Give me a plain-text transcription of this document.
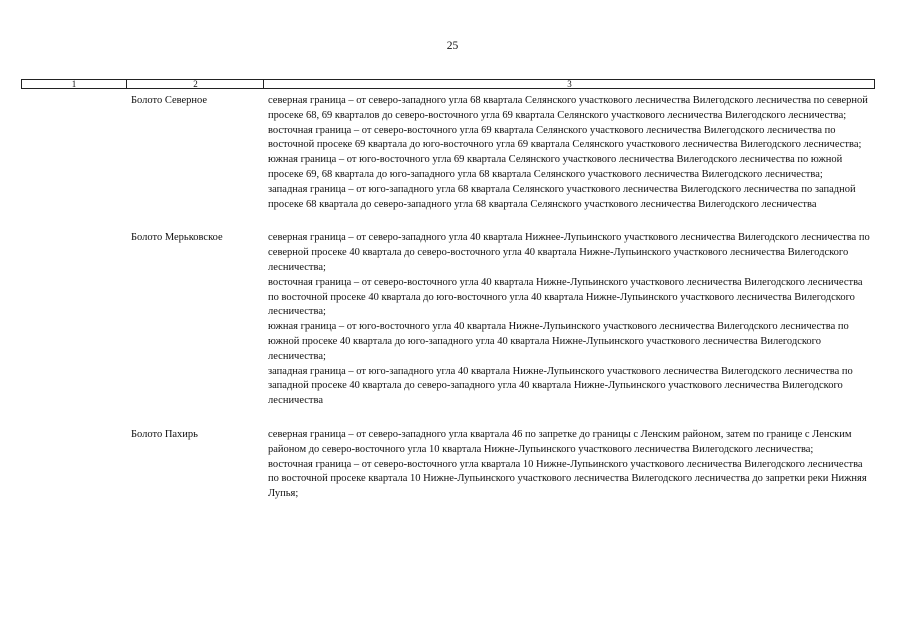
25
1	2	3
Болото Северное	северная граница – от северо-западного угла 68 квартала Селянского участкового лесничества Вилегодского лесничества по северной просеке 68, 69 кварталов до северо-восточного угла 69 квартала Селянского участкового лесничества Вилегодского лесничества;

восточная граница – от северо-восточного угла 69 квартала Селянского участкового лесничества Вилегодского лесничества по восточной просеке 69 квартала до юго-восточного угла 69 квартала Селянского участкового лесничества Вилегодского лесничества;

южная граница – от юго-восточного угла 69 квартала Селянского участкового лесничества Вилегодского лесничества по южной просеке 69, 68 квартала до юго-западного угла 68 квартала Селянского участкового лесничества Вилегодского лесничества;

западная граница – от юго-западного угла 68 квартала Селянского участкового лесничества Вилегодского лесничества по западной просеке 68 квартала до северо-западного угла 68 квартала Селянского участкового лесничества Вилегодского лесничества

Болото Мерьковское	северная граница – от северо-западного угла 40 квартала Нижнее-Лупьинского участкового лесничества Вилегодского лесничества по северной просеке 40 квартала до северо-восточного угла 40 квартала Нижне-Лупьинского участкового лесничества Вилегодского лесничества;

восточная граница – от северо-восточного угла 40 квартала Нижне-Лупьинского участкового лесничества Вилегодского лесничества по восточной просеке 40 квартала до юго-восточного угла 40 квартала Нижне-Лупьинского участкового лесничества Вилегодского лесничества;

южная граница – от юго-восточного угла 40 квартала Нижне-Лупьинского участкового лесничества Вилегодского лесничества по южной просеке 40 квартала до юго-западного угла 40 квартала Нижне-Лупьинского участкового лесничества Вилегодского лесничества;

западная граница – от юго-западного угла 40 квартала Нижне-Лупьинского участкового лесничества Вилегодского лесничества по западной просеке 40 квартала до северо-западного угла 40 квартала Нижне-Лупьинского участкового лесничества Вилегодского лесничества

Болото Пахирь	северная граница – от северо-западного угла квартала 46 по запретке до границы с Ленским районом, затем по границе с Ленским районом до северо-восточного угла 10 квартала Нижне-Лупьинского участкового лесничества Вилегодского лесничества;

восточная граница – от северо-восточного угла квартала 10 Нижне-Лупьинского участкового лесничества Вилегодского лесничества по восточной просеке квартала 10 Нижне-Лупьинского участкового лесничества Вилегодского лесничества до запретки реки Нижняя Лупья;
